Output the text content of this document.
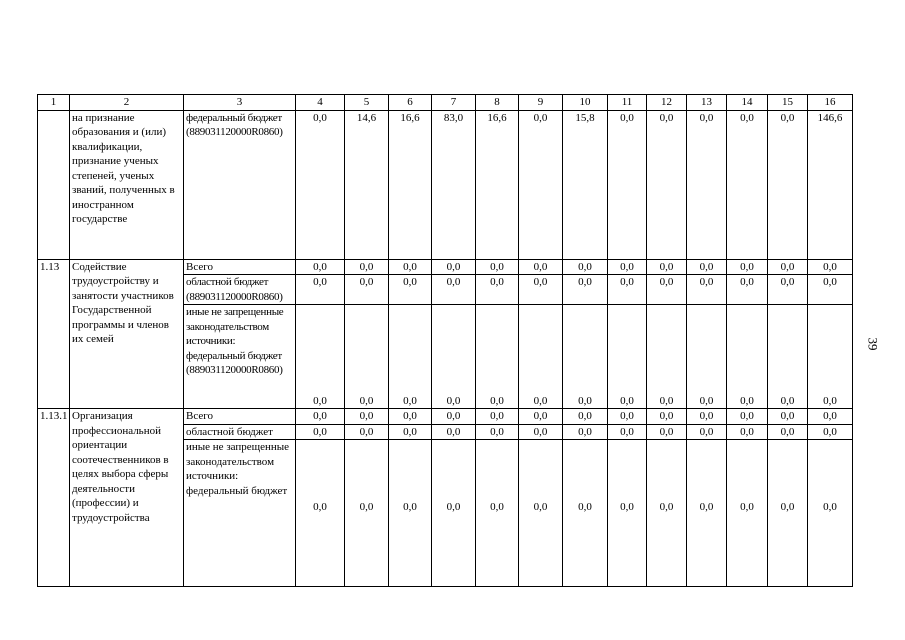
1	2	3	4	5	6	7	8	9	10	11	12	13	14	15	16
	на признание образования и (или) квалификации, признание ученых степеней, ученых званий, полученных в иностранном государстве	федеральный бюджет (889031120000R0860)	0,0	14,6	16,6	83,0	16,6	0,0	15,8	0,0	0,0	0,0	0,0	0,0	146,6
1.13	Содействие трудоустройству и занятости участников Государственной программы и членов их семей	Всего	0,0	0,0	0,0	0,0	0,0	0,0	0,0	0,0	0,0	0,0	0,0	0,0	0,0
		областной бюджет (889031120000R0860)	0,0	0,0	0,0	0,0	0,0	0,0	0,0	0,0	0,0	0,0	0,0	0,0	0,0
		иные не запрещенные законодательством источники: федеральный бюджет (889031120000R0860)	0,0	0,0	0,0	0,0	0,0	0,0	0,0	0,0	0,0	0,0	0,0	0,0	0,0
1.13.1	Организация профессиональной ориентации соотечественников в целях выбора сферы деятельности (профессии) и трудоустройства	Всего	0,0	0,0	0,0	0,0	0,0	0,0	0,0	0,0	0,0	0,0	0,0	0,0	0,0
		областной бюджет	0,0	0,0	0,0	0,0	0,0	0,0	0,0	0,0	0,0	0,0	0,0	0,0	0,0
		иные не запрещенные законодательством источники: федеральный бюджет	0,0	0,0	0,0	0,0	0,0	0,0	0,0	0,0	0,0	0,0	0,0	0,0	0,0
39
